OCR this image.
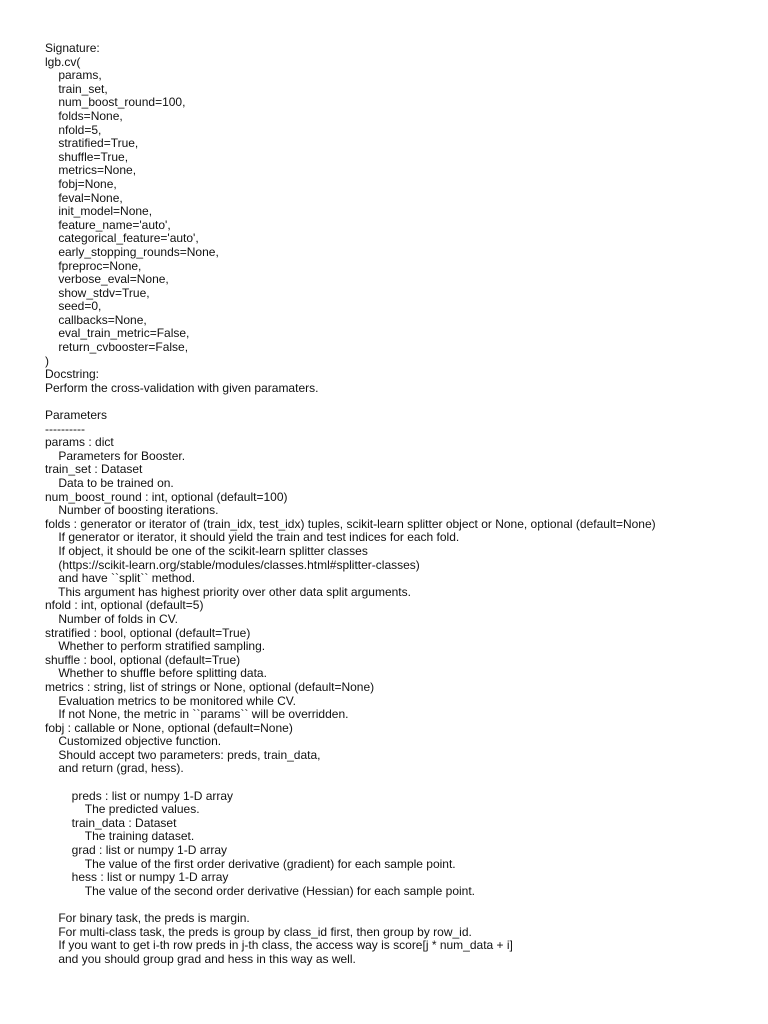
Signature:
lgb.cv(
params,
train_set,
num_boost_round=100,
folds=None,
nfold=5,
stratified=True,
shuffle=True,
metrics=None,
fobj=None,
feval=None,
init_model=None,
feature_name='auto',
categorical_feature='auto',
early_stopping_rounds=None,
fpreproc=None,
verbose_eval=None,
show_stdv=True,
seed=0,
callbacks=None,
eval_train_metric=False,
return_cvbooster=False,
)
Docstring:
Perform the cross-validation with given paramaters.
Parameters
----------
params : dict
Parameters for Booster.
train_set : Dataset
Data to be trained on.
num_boost_round : int, optional (default=100)
Number of boosting iterations.
folds : generator or iterator of (train_idx, test_idx) tuples, scikit-learn splitter object or None, optional (default=None)
If generator or iterator, it should yield the train and test indices for each fold.
If object, it should be one of the scikit-learn splitter classes
(https://scikit-learn.org/stable/modules/classes.html#splitter-classes)
and have ``split`` method.
This argument has highest priority over other data split arguments.
nfold : int, optional (default=5)
Number of folds in CV.
stratified : bool, optional (default=True)
Whether to perform stratified sampling.
shuffle : bool, optional (default=True)
Whether to shuffle before splitting data.
metrics : string, list of strings or None, optional (default=None)
Evaluation metrics to be monitored while CV.
If not None, the metric in ``params`` will be overridden.
fobj : callable or None, optional (default=None)
Customized objective function.
Should accept two parameters: preds, train_data,
and return (grad, hess).
preds : list or numpy 1-D array
The predicted values.
train_data : Dataset
The training dataset.
grad : list or numpy 1-D array
The value of the first order derivative (gradient) for each sample point.
hess : list or numpy 1-D array
The value of the second order derivative (Hessian) for each sample point.
For binary task, the preds is margin.
For multi-class task, the preds is group by class_id first, then group by row_id.
If you want to get i-th row preds in j-th class, the access way is score[j * num_data + i]
and you should group grad and hess in this way as well.
